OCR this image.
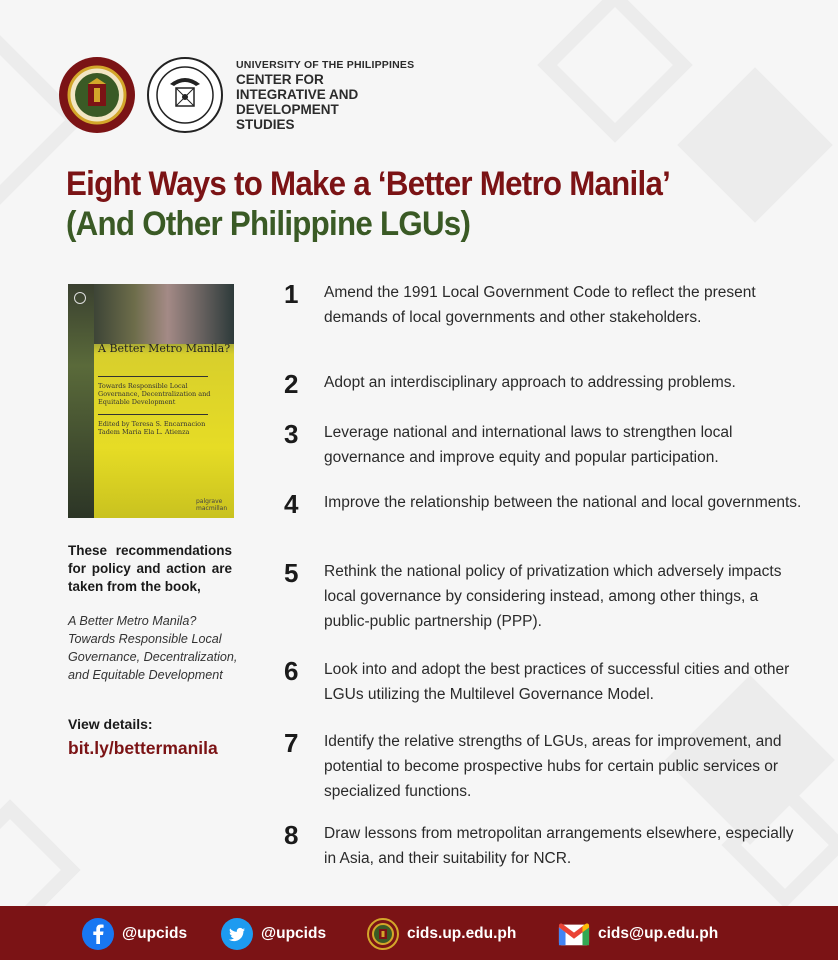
UNIVERSITY OF THE PHILIPPINES
CENTER FOR
INTEGRATIVE AND
DEVELOPMENT
STUDIES
Eight Ways to Make a ‘Better Metro Manila’
(And Other Philippine LGUs)
A Better Metro Manila?
Towards Responsible Local Governance, Decentralization and Equitable Development
Edited by Teresa S. Encarnacion Tadem Maria Ela L. Atienza
palgrave macmillan
These recommendations for policy and action are taken from the book,
A Better Metro Manila? Towards Responsible Local Governance, Decentralization, and Equitable Development
View details:
bit.ly/bettermanila
1	Amend the 1991 Local Government Code to reflect the present demands of local governments and other stakeholders.
2	Adopt an interdisciplinary approach to addressing problems.
3	Leverage national and international laws to strengthen local governance and improve equity and popular participation.
4	Improve the relationship between the national and local governments.
5	Rethink the national policy of privatization which adversely impacts local governance by considering instead, among other things, a public-public partnership (PPP).
6	Look into and adopt the best practices of successful cities and other LGUs utilizing the Multilevel Governance Model.
7	Identify the relative strengths of LGUs, areas for improvement, and potential to become prospective hubs for certain public services or specialized functions.
8	Draw lessons from metropolitan arrangements elsewhere, especially in Asia, and their suitability for NCR.
@upcids	@upcids	cids.up.edu.ph	cids@up.edu.ph
